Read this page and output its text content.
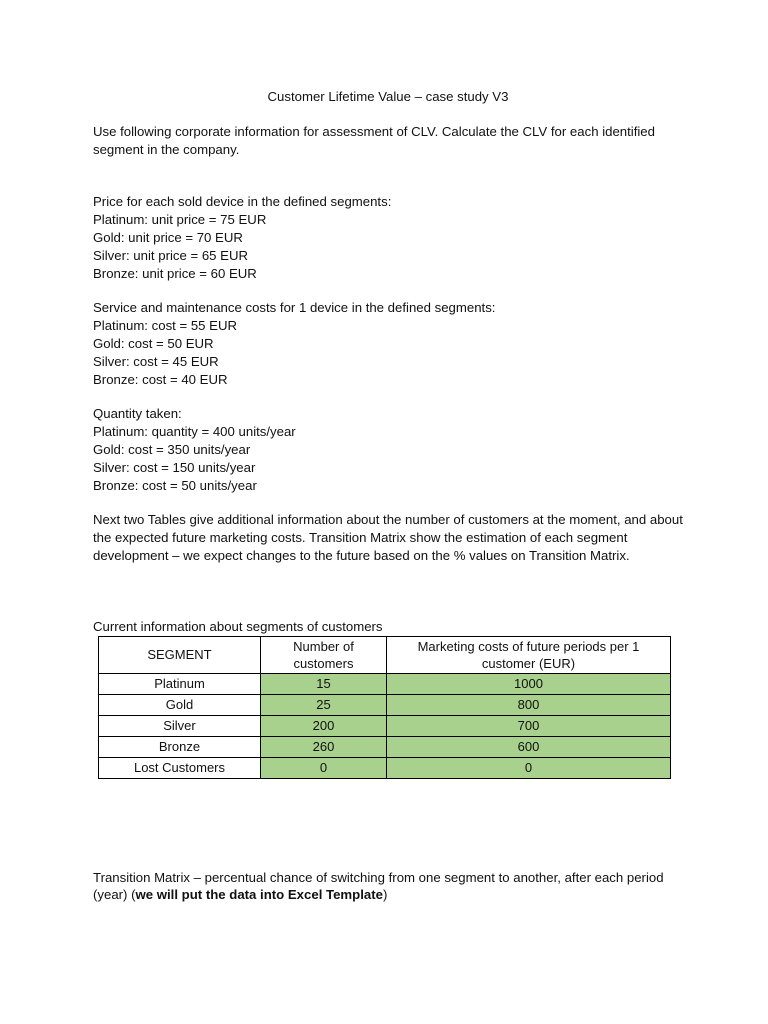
Customer Lifetime Value – case study V3

Use following corporate information for assessment of CLV. Calculate the CLV for each identified segment in the company.

Price for each sold device in the defined segments:
Platinum: unit price = 75 EUR
Gold: unit price = 70 EUR
Silver: unit price = 65 EUR
Bronze: unit price = 60 EUR
Service and maintenance costs for 1 device in the defined segments:
Platinum: cost = 55 EUR
Gold: cost = 50 EUR
Silver: cost = 45 EUR
Bronze: cost = 40 EUR
Quantity taken:
Platinum: quantity = 400 units/year
Gold: cost = 350 units/year
Silver: cost = 150 units/year
Bronze: cost = 50 units/year

Next two Tables give additional information about the number of customers at the moment, and about the expected future marketing costs. Transition Matrix show the estimation of each segment development – we expect changes to the future based on the % values on Transition Matrix.

Current information about segments of customers

SEGMENT	Number of customers	Marketing costs of future periods per 1 customer (EUR)
Platinum	15	1000
Gold	25	800
Silver	200	700
Bronze	260	600
Lost Customers	0	0

Transition Matrix – percentual chance of switching from one segment to another, after each period (year) (we will put the data into Excel Template)
